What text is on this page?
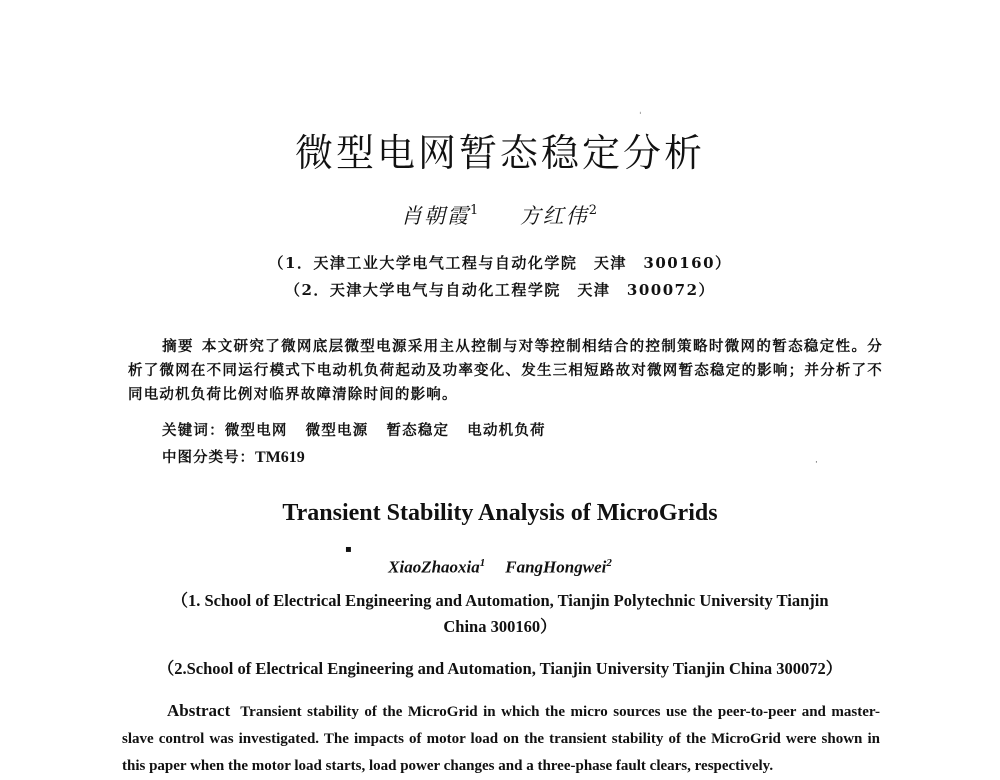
微型电网暂态稳定分析
肖朝霞$^1$ 方红伟$^2$
（1．天津工业大学电气工程与自动化学院　天津　300160）
（2．天津大学电气与自动化工程学院　天津　300072）
摘要 本文研究了微网底层微型电源采用主从控制与对等控制相结合的控制策略时微网的暂态稳定性。分析了微网在不同运行模式下电动机负荷起动及功率变化、发生三相短路故对微网暂态稳定的影响；并分析了不同电动机负荷比例对临界故障清除时间的影响。
关键词：微型电网 微型电源 暂态稳定 电动机负荷
中图分类号：TM619
Transient Stability Analysis of MicroGrids
▪
·
ˈ
XiaoZhaoxia$^1$ FangHongwei$^2$
（1. School of Electrical Engineering and Automation, Tianjin Polytechnic University Tianjin
China 300160）
（2.School of Electrical Engineering and Automation, Tianjin University Tianjin China 300072）
Abstract Transient stability of the MicroGrid in which the micro sources use the peer-to-peer and master-slave control was investigated. The impacts of motor load on the transient stability of the MicroGrid were shown in this paper when the motor load starts, load power changes and a three-phase fault clears, respectively.
